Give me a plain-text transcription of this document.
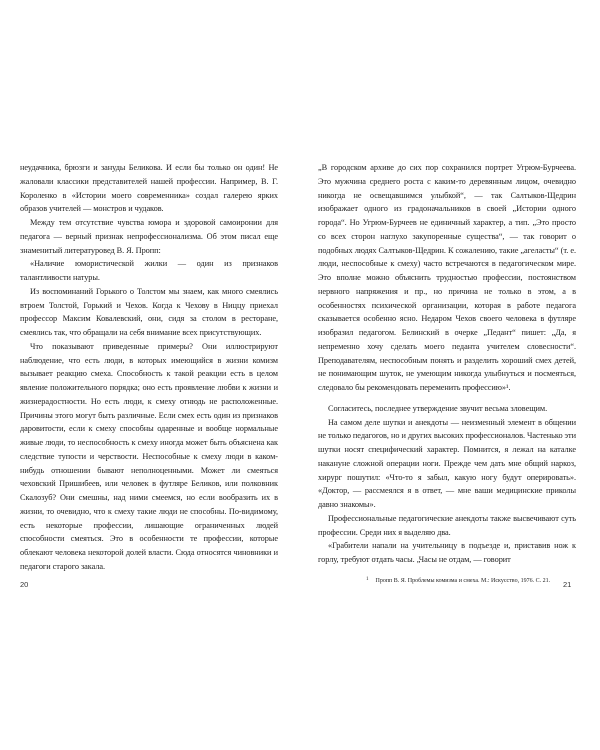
неудачника, брюзги и зануды Беликова. И если бы только он один! Не жаловали классики представителей нашей профессии. Например, В. Г. Короленко в «Истории моего современника» создал галерею ярких образов учителей — монстров и чудаков.

Между тем отсутствие чувства юмора и здоровой самоиронии для педагога — верный признак непрофессионализма. Об этом писал еще знаменитый литературовед В. Я. Пропп:

«Наличие юмористической жилки — один из признаков талантливости натуры.

Из воспоминаний Горького о Толстом мы знаем, как много смеялись втроем Толстой, Горький и Чехов. Когда к Чехову в Ниццу приехал профессор Максим Ковалевский, они, сидя за столом в ресторане, смеялись так, что обращали на себя внимание всех присутствующих.

Что показывают приведенные примеры? Они иллюстрируют наблюдение, что есть люди, в которых имеющийся в жизни комизм вызывает реакцию смеха. Способность к такой реакции есть в целом явление положительного порядка; оно есть проявление любви к жизни и жизнерадостности. Но есть люди, к смеху отнюдь не расположенные. Причины этого могут быть различные. Если смех есть один из признаков даровитости, если к смеху способны одаренные и вообще нормальные живые люди, то неспособность к смеху иногда может быть объяснена как следствие тупости и черствости. Неспособные к смеху люди в каком-нибудь отношении бывают неполноценными. Может ли смеяться чеховский Пришибеев, или человек в футляре Беликов, или полковник Скалозуб? Они смешны, над ними смеемся, но если вообразить их в жизни, то очевидно, что к смеху такие люди не способны. По-видимому, есть некоторые профессии, лишающие ограниченных людей способности смеяться. Это в особенности те профессии, которые облекают человека некоторой долей власти. Сюда относятся чиновники и педагоги старого закала.

20

„В городском архиве до сих пор сохранился портрет Угрюм-Бурчеева. Это мужчина среднего роста с каким-то деревянным лицом, очевидно никогда не освещавшимся улыбкой“, — так Салтыков-Щедрин изображает одного из градоначальников в своей „Истории одного города“. Но Угрюм-Бурчеев не единичный характер, а тип. „Это просто со всех сторон наглухо закупоренные существа“, — так говорит о подобных людях Салтыков-Щедрин. К сожалению, такие „агеласты“ (т. е. люди, неспособные к смеху) часто встречаются в педагогическом мире. Это вполне можно объяснить трудностью профессии, постоянством нервного напряжения и пр., но причина не только в этом, а в особенностях психической организации, которая в работе педагога сказывается особенно ясно. Недаром Чехов своего человека в футляре изобразил педагогом. Белинский в очерке „Педант“ пишет: „Да, я непременно хочу сделать моего педанта учителем словесности“. Преподавателям, неспособным понять и разделить хороший смех детей, не понимающим шуток, не умеющим никогда улыбнуться и посмеяться, следовало бы рекомендовать переменить профессию»¹.

Согласитесь, последнее утверждение звучит весьма зловещим.

На самом деле шутки и анекдоты — неизменный элемент в общении не только педагогов, но и других высоких профессионалов. Частенько эти шутки носят специфический характер. Помнится, я лежал на каталке накануне сложной операции ноги. Прежде чем дать мне общий наркоз, хирург пошутил: «Что-то я забыл, какую ногу будут оперировать». «Доктор, — рассмеялся я в ответ, — мне ваши медицинские приколы давно знакомы».

Профессиональные педагогические анекдоты также высвечивают суть профессии. Среди них я выделяю два.

«Грабители напали на учительницу в подъезде и, приставив нож к горлу, требуют отдать часы. „Часы не отдам, — говорит

$^1$ Пропп В. Я. Проблемы комизма и смеха. М.: Искусство, 1976. С. 21.	21
